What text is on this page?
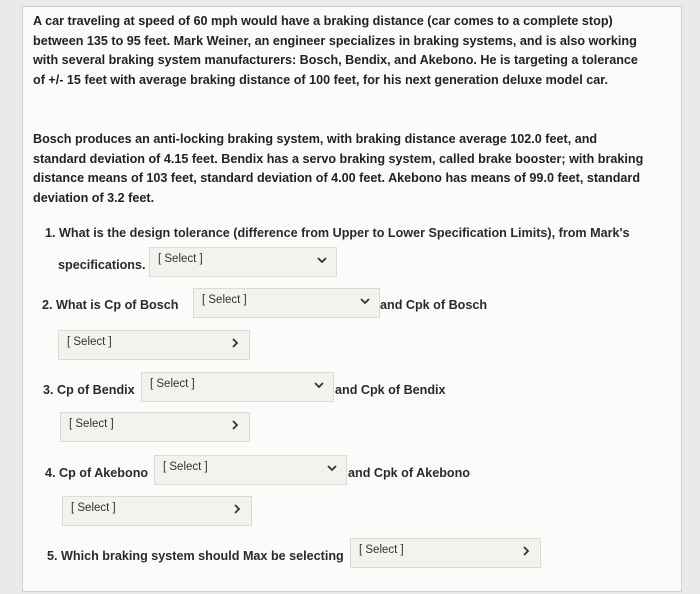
A car traveling at speed of 60 mph would have a braking distance (car comes to a complete stop) between 135 to 95 feet. Mark Weiner, an engineer specializes in braking systems, and is also working with several braking system manufacturers: Bosch, Bendix, and Akebono. He is targeting a tolerance of +/- 15 feet with average braking distance of 100 feet, for his next generation deluxe model car.
Bosch produces an anti-locking braking system, with braking distance average 102.0 feet, and standard deviation of 4.15 feet. Bendix has a servo braking system, called brake booster; with braking distance means of 103 feet, standard deviation of 4.00 feet. Akebono has means of 99.0 feet, standard deviation of 3.2 feet.
1. What is the design tolerance (difference from Upper to Lower Specification Limits), from Mark's
specifications. [ Select ]
2. What is Cp of Bosch [ Select ]	and Cpk of Bosch
[ Select ]
3. Cp of Bendix [ Select ]	and Cpk of Bendix
[ Select ]
4. Cp of Akebono [ Select ]	and Cpk of Akebono
[ Select ]
5. Which braking system should Max be selecting [ Select ]
